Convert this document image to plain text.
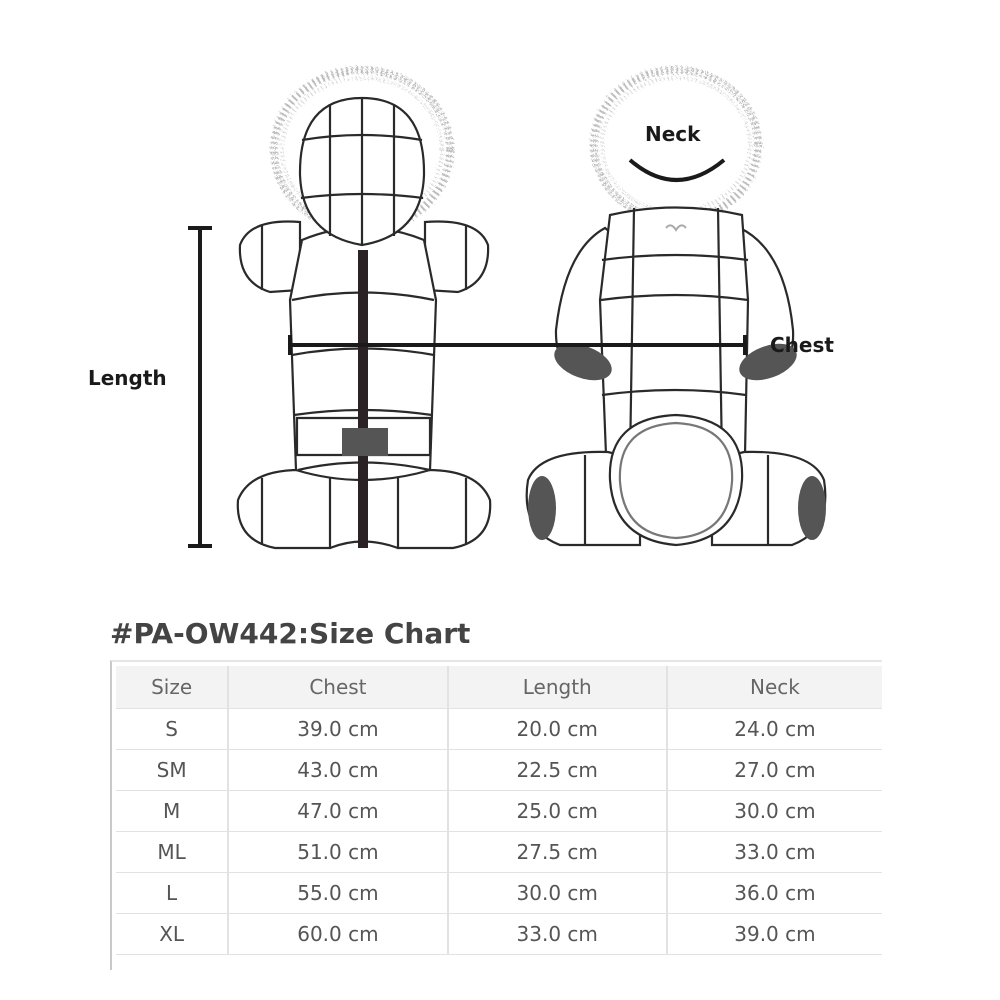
Length
Neck
Chest
#PA-OW442:Size Chart
Size	Chest	Length	Neck
S	39.0 cm	20.0 cm	24.0 cm
SM	43.0 cm	22.5 cm	27.0 cm
M	47.0 cm	25.0 cm	30.0 cm
ML	51.0 cm	27.5 cm	33.0 cm
L	55.0 cm	30.0 cm	36.0 cm
XL	60.0 cm	33.0 cm	39.0 cm
